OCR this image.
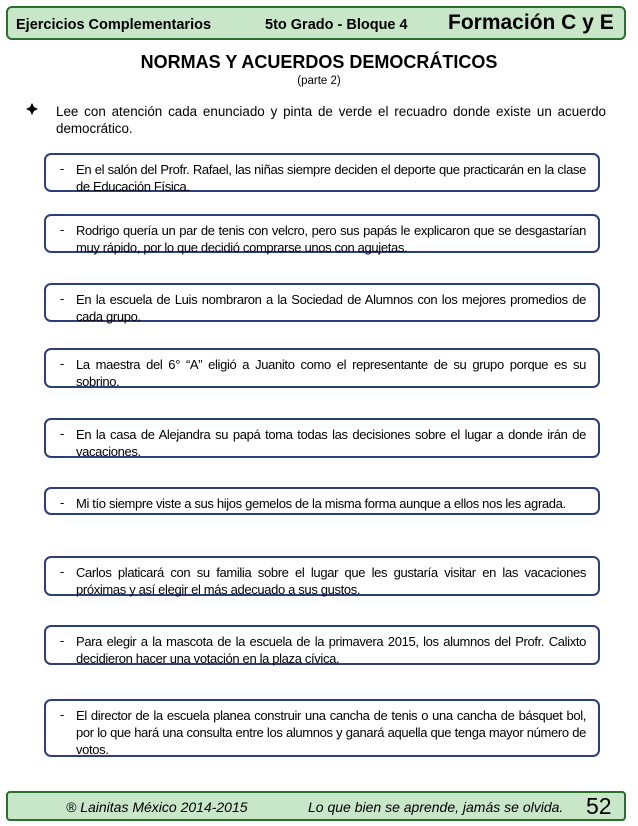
Ejercicios Complementarios	5to Grado - Bloque 4 Formación C y E
NORMAS Y ACUERDOS DEMOCRÁTICOS
(parte 2)
Lee con atención cada enunciado y pinta de verde el recuadro donde existe un acuerdo democrático.
- En el salón del Profr. Rafael, las niñas siempre deciden el deporte que practicarán en la clase de Educación Física.
- Rodrigo quería un par de tenis con velcro, pero sus papás le explicaron que se desgastarían muy rápido, por lo que decidió comprarse unos con agujetas.
- En la escuela de Luis nombraron a la Sociedad de Alumnos con los mejores promedios de cada grupo.
- La maestra del 6° “A” eligió a Juanito como el representante de su grupo porque es su sobrino.
- En la casa de Alejandra su papá toma todas las decisiones sobre el lugar a donde irán de vacaciones.
- Mi tío siempre viste a sus hijos gemelos de la misma forma aunque a ellos nos les agrada.
- Carlos platicará con su familia sobre el lugar que les gustaría visitar en las vacaciones próximas y así elegir el más adecuado a sus gustos.
- Para elegir a la mascota de la escuela de la primavera 2015, los alumnos del Profr. Calixto decidieron hacer una votación en la plaza cívica.
- El director de la escuela planea construir una cancha de tenis o una cancha de básquet bol, por lo que hará una consulta entre los alumnos y ganará aquella que tenga mayor número de votos.
® Lainitas México 2014-2015	Lo que bien se aprende, jamás se olvida. 52
